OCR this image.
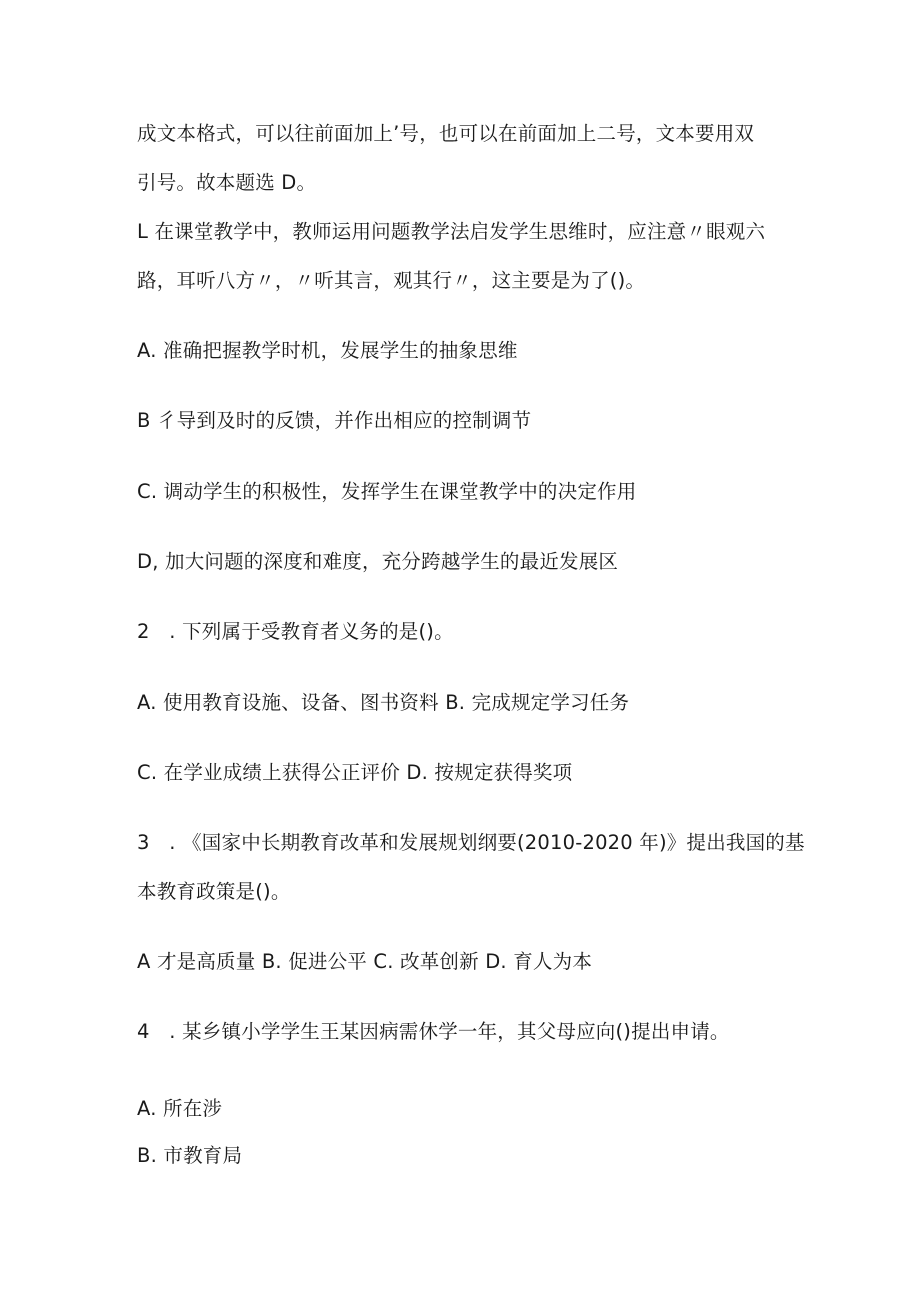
成文本格式，可以往前面加上’号，也可以在前面加上二号，文本要用双
引号。故本题选 D。
L 在课堂教学中，教师运用问题教学法启发学生思维时，应注意〃眼观六
路，耳听八方〃，〃听其言，观其行〃，这主要是为了()。
A. 准确把握教学时机，发展学生的抽象思维
B 彳导到及时的反馈，并作出相应的控制调节
C. 调动学生的积极性，发挥学生在课堂教学中的决定作用
D, 加大问题的深度和难度，充分跨越学生的最近发展区
2　. 下列属于受教育者义务的是()。
A. 使用教育设施、设备、图书资料 B. 完成规定学习任务
C. 在学业成绩上获得公正评价 D. 按规定获得奖项
3　. 《国家中长期教育改革和发展规划纲要(2010-2020 年)》提出我国的基
本教育政策是()。
A 才是高质量 B. 促进公平 C. 改革创新 D. 育人为本
4　. 某乡镇小学学生王某因病需休学一年，其父母应向()提出申请。
A. 所在涉
B. 市教育局
